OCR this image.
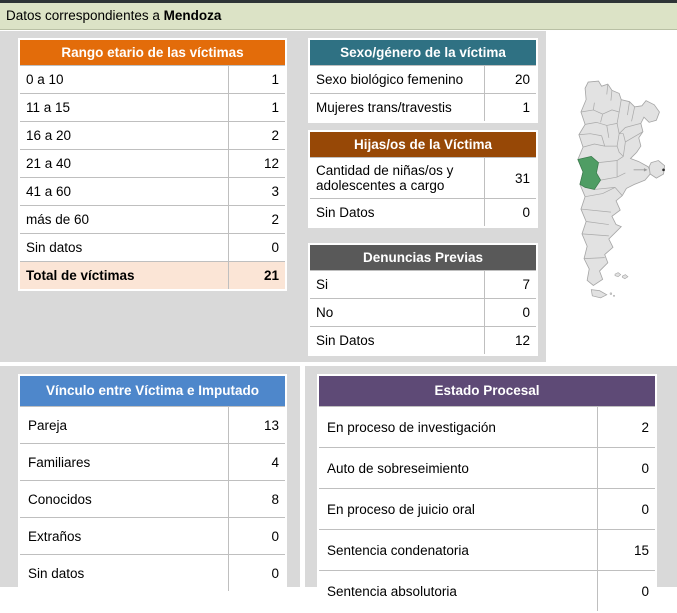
Datos correspondientes a Mendoza
Rango etario de las víctimas
0 a 10	1
11 a 15	1
16 a 20	2
21 a 40	12
41 a 60	3
más de 60	2
Sin datos	0
Total de víctimas	21
Sexo/género de la víctima
Sexo biológico femenino	20
Mujeres trans/travestis	1
Hijas/os de la Víctima
Cantidad de niñas/os y adolescentes a cargo	31
Sin Datos	0
Denuncias Previas
Si	7
No	0
Sin Datos	12
Vínculo entre Víctima e Imputado
Pareja	13
Familiares	4
Conocidos	8
Extraños	0
Sin datos	0
Estado Procesal
En proceso de investigación	2
Auto de sobreseimiento	0
En proceso de juicio oral	0
Sentencia condenatoria	15
Sentencia absolutoria	0
